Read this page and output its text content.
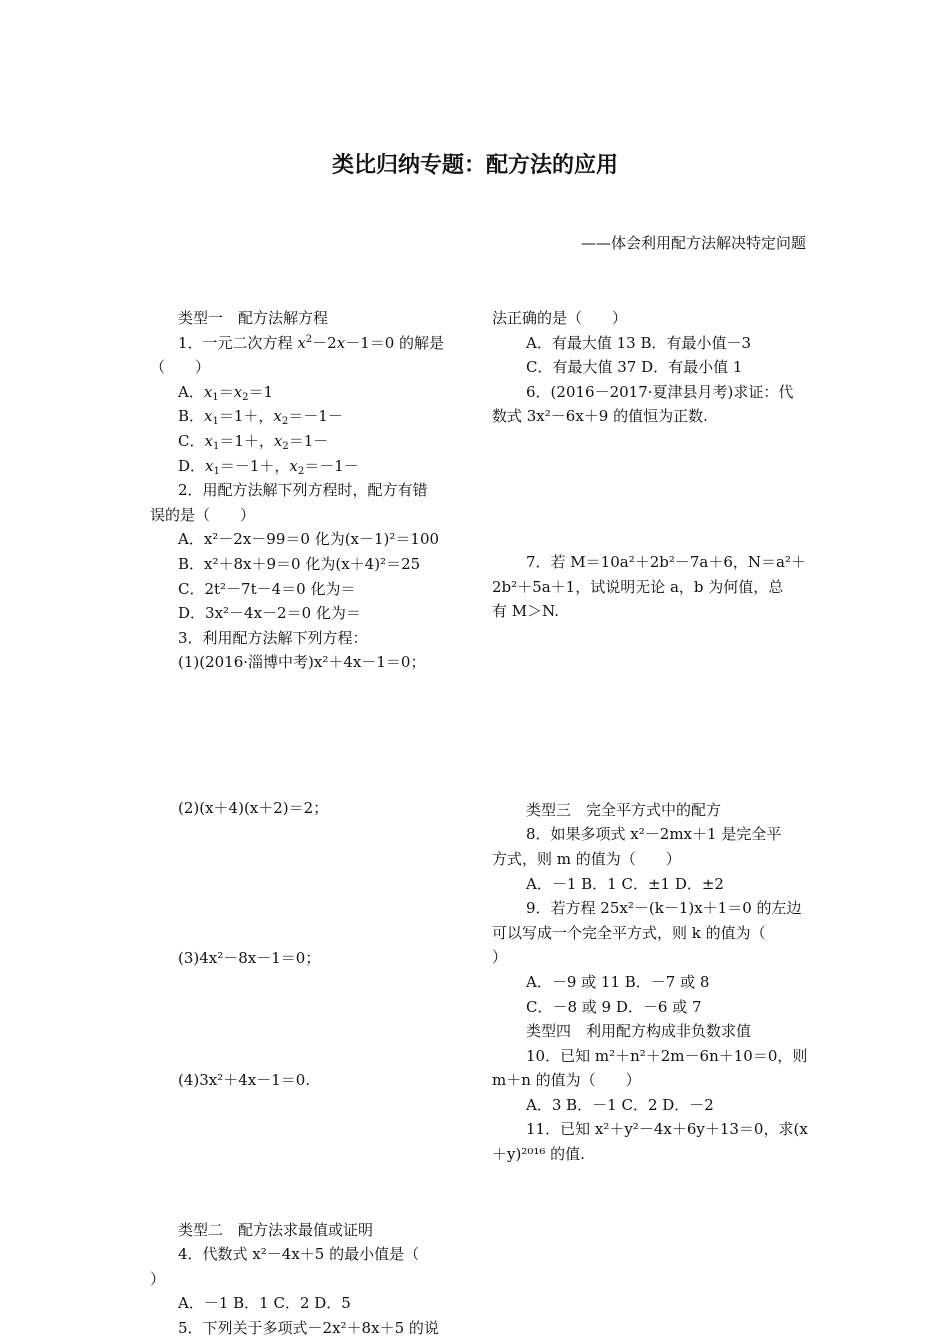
类比归纳专题：配方法的应用
——体会利用配方法解决特定问题
类型一　配方法解方程
1．一元二次方程 $x^2-2x-1=0$ 的解是
（　　）
A．$x_1=x_2=1$
B．$x_1=1+$，$x_2=-1-$
C．$x_1=1+$，$x_2=1-$
D．$x_1=-1+$，$x_2=-1-$
2．用配方法解下列方程时，配方有错
误的是（　　）
A．x²－2x－99＝0 化为(x－1)²＝100
B．x²＋8x＋9＝0 化为(x＋4)²＝25
C．2t²－7t－4＝0 化为＝
D．3x²－4x－2＝0 化为＝
3．利用配方法解下列方程：
(1)(2016·淄博中考)x²＋4x－1＝0；
(2)(x＋4)(x＋2)＝2；
(3)4x²－8x－1＝0；
(4)3x²＋4x－1＝0.
类型二　配方法求最值或证明
4．代数式 x²－4x＋5 的最小值是（
）
A．－1 B．1 C．2 D．5
5．下列关于多项式－2x²＋8x＋5 的说
法正确的是（　　）
A．有最大值 13 B．有最小值－3
C．有最大值 37 D．有最小值 1
6．(2016－2017·夏津县月考)求证：代
数式 3x²－6x＋9 的值恒为正数.
7．若 M＝10a²＋2b²－7a＋6，N＝a²＋
2b²＋5a＋1，试说明无论 a，b 为何值，总
有 M＞N.
类型三　完全平方式中的配方
8．如果多项式 x²－2mx＋1 是完全平
方式，则 m 的值为（　　）
A．－1 B．1 C．±1 D．±2
9．若方程 25x²－(k－1)x＋1＝0 的左边
可以写成一个完全平方式，则 k 的值为（
）
A．－9 或 11 B．－7 或 8
C．－8 或 9 D．－6 或 7
类型四　利用配方构成非负数求值
10．已知 m²＋n²＋2m－6n＋10＝0，则
m＋n 的值为（　　）
A．3 B．－1 C．2 D．－2
11．已知 x²＋y²－4x＋6y＋13＝0，求(x
＋y)²⁰¹⁶ 的值.
